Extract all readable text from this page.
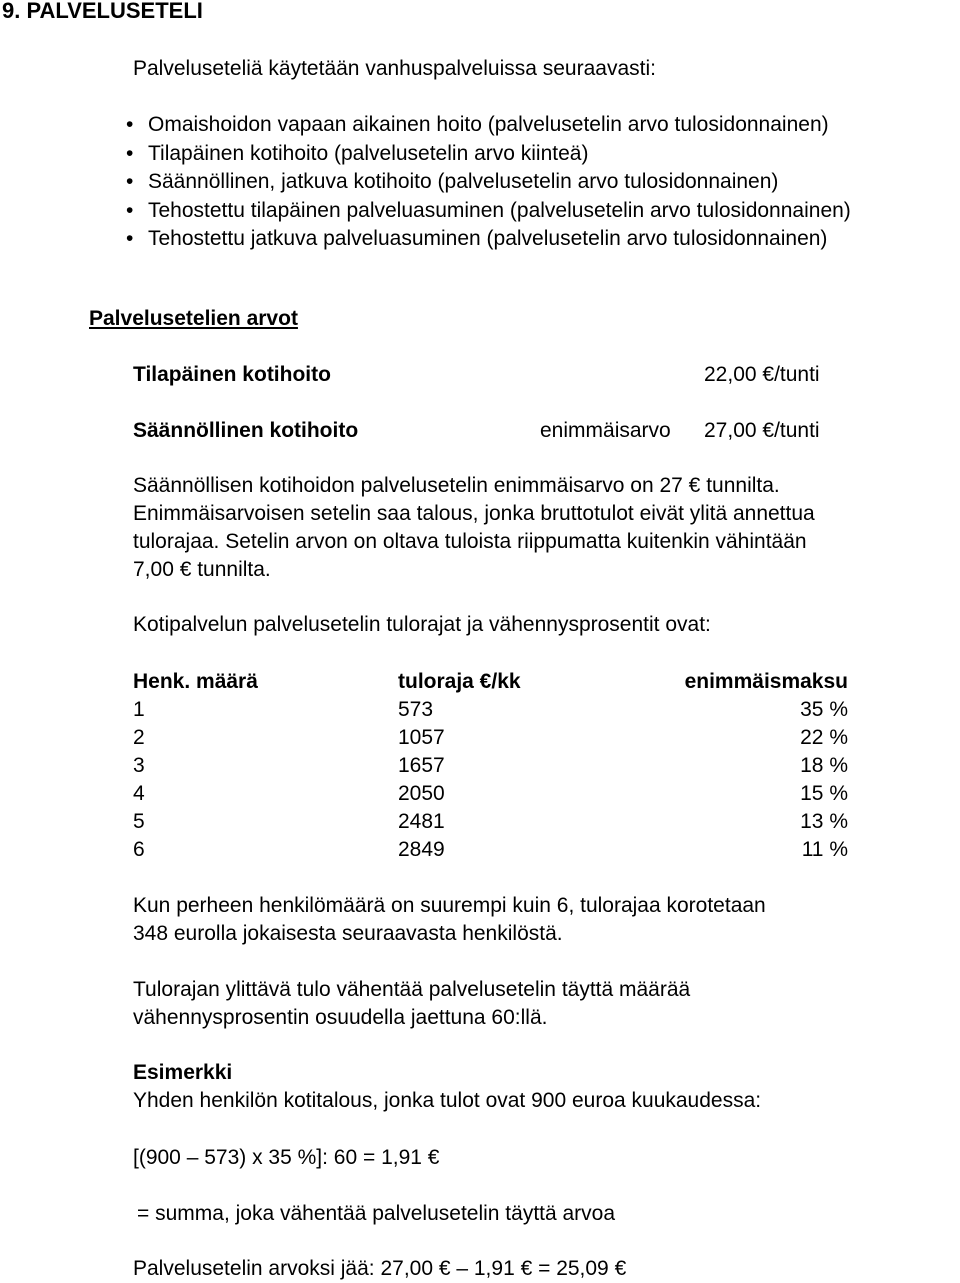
9. PALVELUSETELI
Palveluseteliä käytetään vanhuspalveluissa seuraavasti:
• Omaishoidon vapaan aikainen hoito (palvelusetelin arvo tulosidonnainen)
• Tilapäinen kotihoito (palvelusetelin arvo kiinteä)
• Säännöllinen, jatkuva kotihoito (palvelusetelin arvo tulosidonnainen)
• Tehostettu tilapäinen palveluasuminen (palvelusetelin arvo tulosidonnainen)
• Tehostettu jatkuva palveluasuminen (palvelusetelin arvo tulosidonnainen)
Palvelusetelien arvot
Tilapäinen kotihoito	22,00 €/tunti
Säännöllinen kotihoito	enimmäisarvo 27,00 €/tunti

Säännöllisen kotihoidon palvelusetelin enimmäisarvo on 27 € tunnilta.

Enimmäisarvoisen setelin saa talous, jonka bruttotulot eivät ylitä annettua

tulorajaa. Setelin arvon on oltava tuloista riippumatta kuitenkin vähintään

7,00 € tunnilta.

Kotipalvelun palvelusetelin tulorajat ja vähennysprosentit ovat:
Henk. määrä	tuloraja €/kk	enimmäismaksu
1	573	35 %
2	1057	22 %
3	1657	18 %
4	2050	15 %
5	2481	13 %
6	2849	11 %

Kun perheen henkilömäärä on suurempi kuin 6, tulorajaa korotetaan

348 eurolla jokaisesta seuraavasta henkilöstä.

Tulorajan ylittävä tulo vähentää palvelusetelin täyttä määrää

vähennysprosentin osuudella jaettuna 60:llä.

Esimerkki
Yhden henkilön kotitalous, jonka tulot ovat 900 euroa kuukaudessa:
[(900 – 573) x 35 %]: 60 = 1,91 €
= summa, joka vähentää palvelusetelin täyttä arvoa
Palvelusetelin arvoksi jää: 27,00 € – 1,91 € = 25,09 €
